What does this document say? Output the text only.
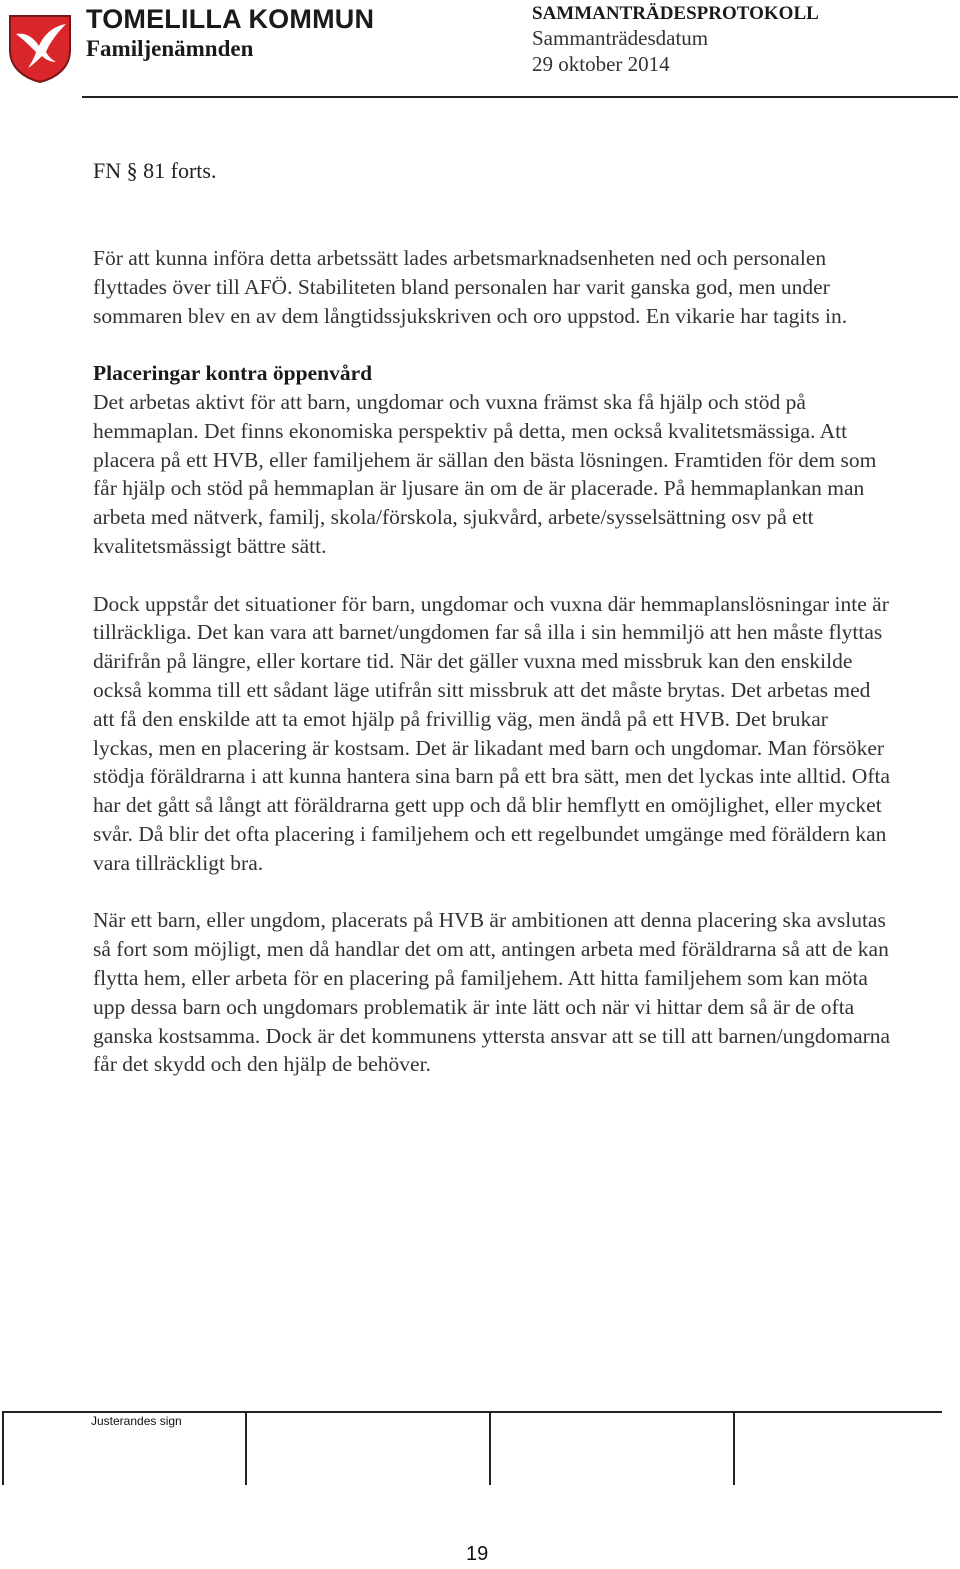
TOMELILLA KOMMUN
Familjenämnden
SAMMANTRÄDESPROTOKOLL
Sammanträdesdatum
29 oktober 2014
FN § 81 forts.

För att kunna införa detta arbetssätt lades arbetsmarknadsenheten ned och personalen flyttades över till AFÖ. Stabiliteten bland personalen har varit ganska god, men under sommaren blev en av dem långtidssjukskriven och oro uppstod. En vikarie har tagits in.

Placeringar kontra öppenvård

Det arbetas aktivt för att barn, ungdomar och vuxna främst ska få hjälp och stöd på hemmaplan. Det finns ekonomiska perspektiv på detta, men också kvalitetsmässiga. Att placera på ett HVB, eller familjehem är sällan den bästa lösningen. Framtiden för dem som får hjälp och stöd på hemmaplan är ljusare än om de är placerade. På hemmaplankan man arbeta med nätverk, familj, skola/förskola, sjukvård, arbete/sysselsättning osv på ett kvalitetsmässigt bättre sätt.

Dock uppstår det situationer för barn, ungdomar och vuxna där hemmaplanslösningar inte är tillräckliga. Det kan vara att barnet/ungdomen far så illa i sin hemmiljö att hen måste flyttas därifrån på längre, eller kortare tid. När det gäller vuxna med missbruk kan den enskilde också komma till ett sådant läge utifrån sitt missbruk att det måste brytas. Det arbetas med att få den enskilde att ta emot hjälp på frivillig väg, men ändå på ett HVB. Det brukar lyckas, men en placering är kostsam. Det är likadant med barn och ungdomar. Man försöker stödja föräldrarna i att kunna hantera sina barn på ett bra sätt, men det lyckas inte alltid. Ofta har det gått så långt att föräldrarna gett upp och då blir hemflytt en omöjlighet, eller mycket svår. Då blir det ofta placering i familjehem och ett regelbundet umgänge med föräldern kan vara tillräckligt bra.

När ett barn, eller ungdom, placerats på HVB är ambitionen att denna placering ska avslutas så fort som möjligt, men då handlar det om att, antingen arbeta med föräldrarna så att de kan flytta hem, eller arbeta för en placering på familjehem. Att hitta familjehem som kan möta upp dessa barn och ungdomars problematik är inte lätt och när vi hittar dem så är de ofta ganska kostsamma. Dock är det kommunens yttersta ansvar att se till att barnen/ungdomarna får det skydd och den hjälp de behöver.

Justerandes sign
19
